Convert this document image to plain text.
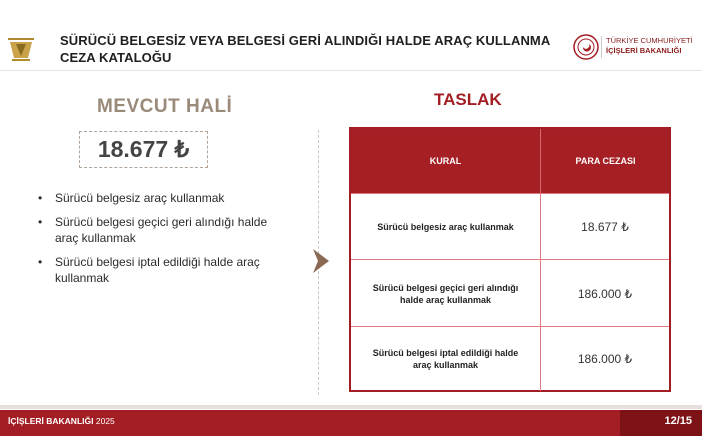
SÜRÜCÜ BELGESİZ VEYA BELGESİ GERİ ALINDIĞI HALDE ARAÇ KULLANMA
CEZA KATALOĞU
TÜRKİYE CUMHURİYETİ
İÇİŞLERİ BAKANLIĞI
MEVCUT HALİ
18.677 ₺
• Sürücü belgesiz araç kullanmak
• Sürücü belgesi geçici geri alındığı halde araç kullanmak
• Sürücü belgesi iptal edildiği halde araç kullanmak
TASLAK
KURAL	PARA CEZASI
Sürücü belgesiz araç kullanmak	18.677 ₺
Sürücü belgesi geçici geri alındığı halde araç kullanmak	186.000 ₺
Sürücü belgesi iptal edildiği halde araç kullanmak	186.000 ₺
İÇİŞLERİ BAKANLIĞI 2025	12/15
